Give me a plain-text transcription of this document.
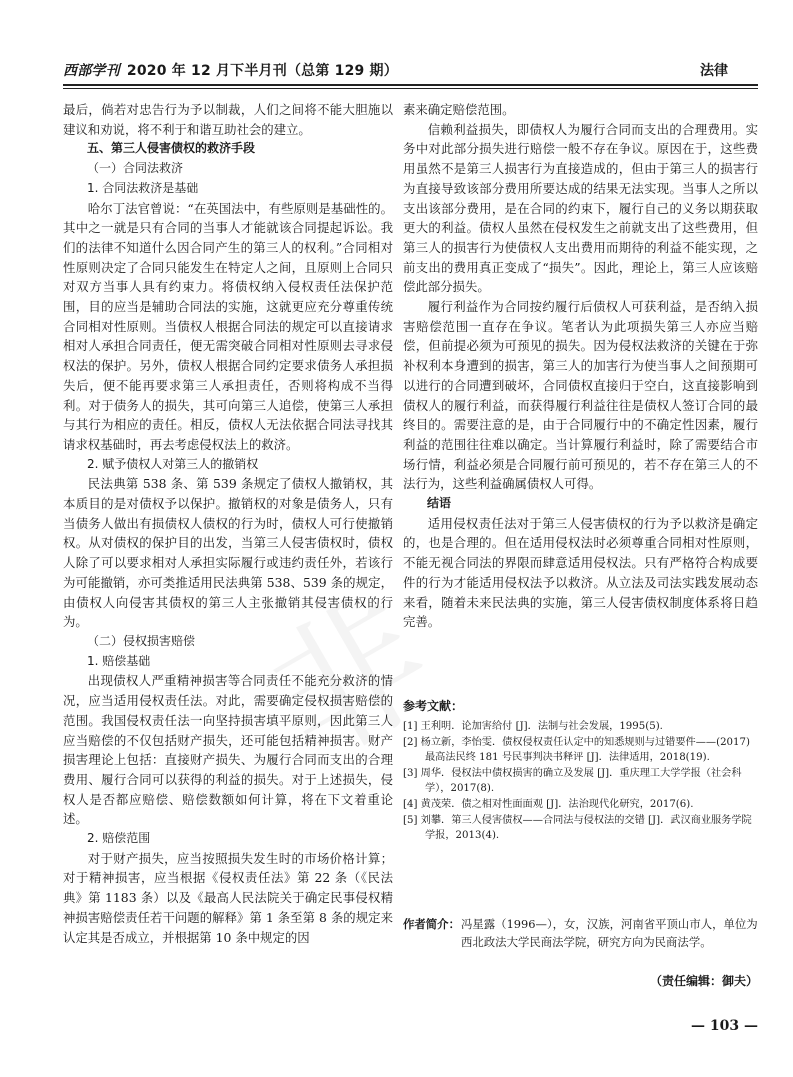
西部学刊 2020 年 12 月下半月刊（总第 129 期）	法律

最后，倘若对忠告行为予以制裁，人们之间将不能大胆施以建议和劝说，将不利于和谐互助社会的建立。

五、第三人侵害债权的救济手段

（一）合同法救济

1. 合同法救济是基础

哈尔丁法官曾说：“在英国法中，有些原则是基础性的。其中之一就是只有合同的当事人才能就该合同提起诉讼。我们的法律不知道什么因合同产生的第三人的权利。”合同相对性原则决定了合同只能发生在特定人之间，且原则上合同只对双方当事人具有约束力。将债权纳入侵权责任法保护范围，目的应当是辅助合同法的实施，这就更应充分尊重传统合同相对性原则。当债权人根据合同法的规定可以直接请求相对人承担合同责任，便无需突破合同相对性原则去寻求侵权法的保护。另外，债权人根据合同约定要求债务人承担损失后，便不能再要求第三人承担责任，否则将构成不当得利。对于债务人的损失，其可向第三人追偿，使第三人承担与其行为相应的责任。相反，债权人无法依据合同法寻找其请求权基础时，再去考虑侵权法上的救济。

2. 赋予债权人对第三人的撤销权

民法典第 538 条、第 539 条规定了债权人撤销权，其本质目的是对债权予以保护。撤销权的对象是债务人，只有当债务人做出有损债权人债权的行为时，债权人可行使撤销权。从对债权的保护目的出发，当第三人侵害债权时，债权人除了可以要求相对人承担实际履行或违约责任外，若该行为可能撤销，亦可类推适用民法典第 538、539 条的规定，由债权人向侵害其债权的第三人主张撤销其侵害债权的行为。

（二）侵权损害赔偿

1. 赔偿基础

出现债权人严重精神损害等合同责任不能充分救济的情况，应当适用侵权责任法。对此，需要确定侵权损害赔偿的范围。我国侵权责任法一向坚持损害填平原则，因此第三人应当赔偿的不仅包括财产损失，还可能包括精神损害。财产损害理论上包括：直接财产损失、为履行合同而支出的合理费用、履行合同可以获得的利益的损失。对于上述损失，侵权人是否都应赔偿、赔偿数额如何计算，将在下文着重论述。

2. 赔偿范围

对于财产损失，应当按照损失发生时的市场价格计算；对于精神损害，应当根据《侵权责任法》第 22 条（《民法典》第 1183 条）以及《最高人民法院关于确定民事侵权精神损害赔偿责任若干问题的解释》第 1 条至第 8 条的规定来认定其是否成立，并根据第 10 条中规定的因

素来确定赔偿范围。

信赖利益损失，即债权人为履行合同而支出的合理费用。实务中对此部分损失进行赔偿一般不存在争议。原因在于，这些费用虽然不是第三人损害行为直接造成的，但由于第三人的损害行为直接导致该部分费用所要达成的结果无法实现。当事人之所以支出该部分费用，是在合同的约束下，履行自己的义务以期获取更大的利益。债权人虽然在侵权发生之前就支出了这些费用，但第三人的损害行为使债权人支出费用而期待的利益不能实现，之前支出的费用真正变成了“损失”。因此，理论上，第三人应该赔偿此部分损失。

履行利益作为合同按约履行后债权人可获利益，是否纳入损害赔偿范围一直存在争议。笔者认为此项损失第三人亦应当赔偿，但前提必须为可预见的损失。因为侵权法救济的关键在于弥补权利本身遭到的损害，第三人的加害行为使当事人之间预期可以进行的合同遭到破坏，合同债权直接归于空白，这直接影响到债权人的履行利益，而获得履行利益往往是债权人签订合同的最终目的。需要注意的是，由于合同履行中的不确定性因素，履行利益的范围往往难以确定。当计算履行利益时，除了需要结合市场行情，利益必须是合同履行前可预见的，若不存在第三人的不法行为，这些利益确属债权人可得。

结语

适用侵权责任法对于第三人侵害债权的行为予以救济是确定的，也是合理的。但在适用侵权法时必须尊重合同相对性原则，不能无视合同法的界限而肆意适用侵权法。只有严格符合构成要件的行为才能适用侵权法予以救济。从立法及司法实践发展动态来看，随着未来民法典的实施，第三人侵害债权制度体系将日趋完善。

参考文献：
[1] 王利明．论加害给付 [J]．法制与社会发展，1995(5).
[2] 杨立新，李怡雯．债权侵权责任认定中的知悉规则与过错要件——(2017) 最高法民终 181 号民事判决书释评 [J]．法律适用，2018(19).
[3] 周华．侵权法中债权损害的确立及发展 [J]．重庆理工大学学报（社会科学），2017(8).
[4] 黄茂荣．债之相对性面面观 [J]．法治现代化研究，2017(6).
[5] 刘攀．第三人侵害债权——合同法与侵权法的交错 [J]．武汉商业服务学院学报，2013(4).
作者简介： 冯星露（1996—），女，汉族，河南省平顶山市人，单位为西北政法大学民商法学院，研究方向为民商法学。
（责任编辑：御夫）
— 103 —
